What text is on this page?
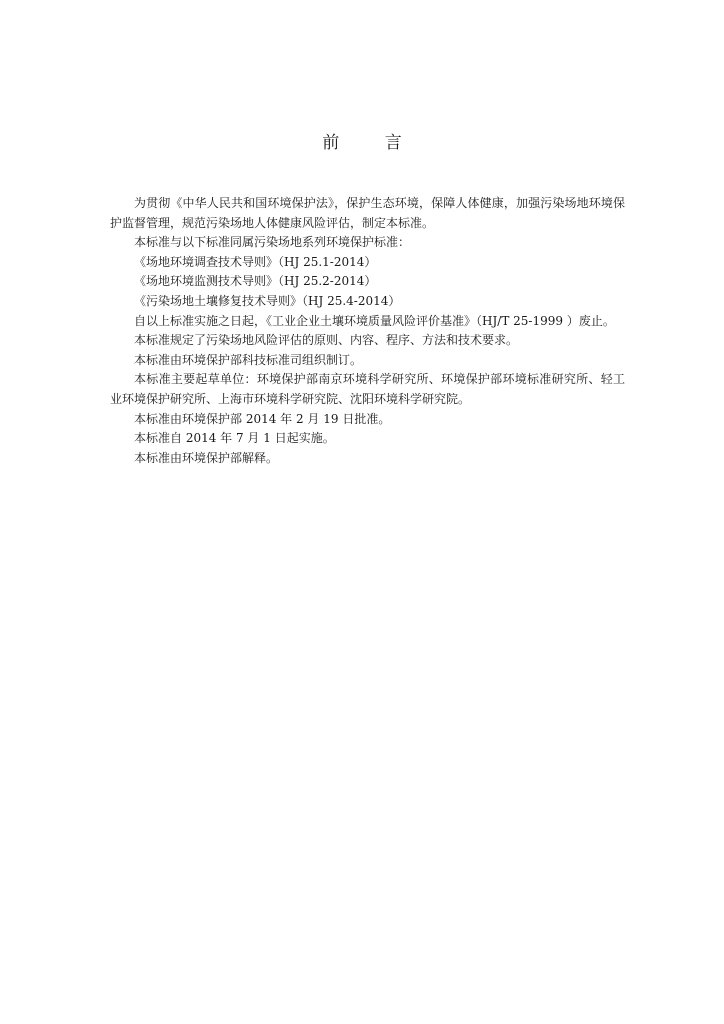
前 言

为贯彻《中华人民共和国环境保护法》，保护生态环境，保障人体健康，加强污染场地环境保护监督管理，规范污染场地人体健康风险评估，制定本标准。

本标准与以下标准同属污染场地系列环境保护标准：

《场地环境调查技术导则》（HJ 25.1-2014）

《场地环境监测技术导则》（HJ 25.2-2014）

《污染场地土壤修复技术导则》（HJ 25.4-2014）

自以上标准实施之日起，《工业企业土壤环境质量风险评价基准》（HJ/T 25-1999 ）废止。

本标准规定了污染场地风险评估的原则、内容、程序、方法和技术要求。

本标准由环境保护部科技标准司组织制订。

本标准主要起草单位：环境保护部南京环境科学研究所、环境保护部环境标准研究所、轻工业环境保护研究所、上海市环境科学研究院、沈阳环境科学研究院。

本标准由环境保护部 2014 年 2 月 19 日批准。

本标准自 2014 年 7 月 1 日起实施。

本标准由环境保护部解释。
